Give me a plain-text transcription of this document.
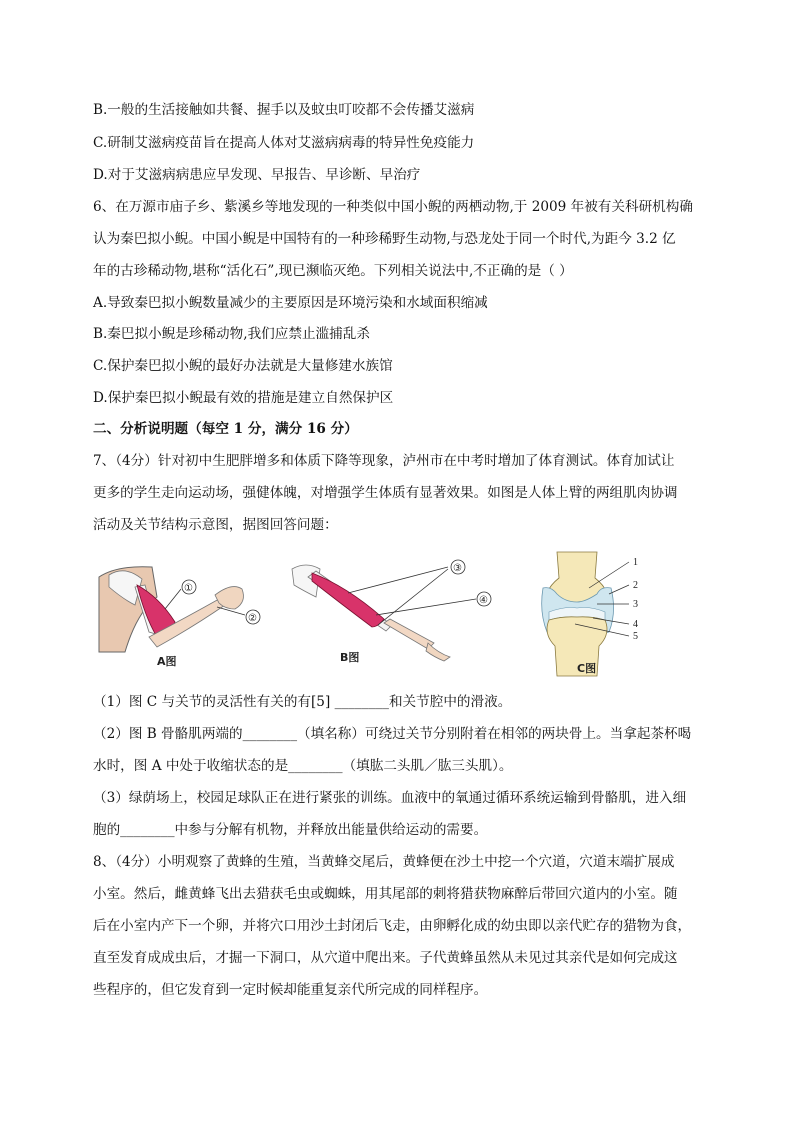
B.一般的生活接触如共餐、握手以及蚊虫叮咬都不会传播艾滋病
C.研制艾滋病疫苗旨在提高人体对艾滋病病毒的特异性免疫能力
D.对于艾滋病病患应早发现、早报告、早诊断、早治疗
6、在万源市庙子乡、紫溪乡等地发现的一种类似中国小鲵的两栖动物,于 2009 年被有关科研机构确
认为秦巴拟小鲵。中国小鲵是中国特有的一种珍稀野生动物,与恐龙处于同一个时代,为距今 3.2 亿
年的古珍稀动物,堪称“活化石”,现已濒临灭绝。下列相关说法中,不正确的是（ ）
A.导致秦巴拟小鲵数量减少的主要原因是环境污染和水域面积缩减
B.秦巴拟小鲵是珍稀动物,我们应禁止滥捕乱杀
C.保护秦巴拟小鲵的最好办法就是大量修建水族馆
D.保护秦巴拟小鲵最有效的措施是建立自然保护区
二、分析说明题（每空 1 分，满分 16 分）
7、（4分）针对初中生肥胖增多和体质下降等现象，泸州市在中考时增加了体育测试。体育加试让
更多的学生走向运动场，强健体魄，对增强学生体质有显著效果。如图是人体上臂的两组肌肉协调
活动及关节结构示意图，据图回答问题：
①
②
A图
③
④
B图
1
2
3
4
5
C图
（1）图 C 与关节的灵活性有关的有[5] ________和关节腔中的滑液。
（2）图 B 骨骼肌两端的________（填名称）可绕过关节分别附着在相邻的两块骨上。当拿起茶杯喝
水时，图 A 中处于收缩状态的是________（填肱二头肌／肱三头肌）。
（3）绿荫场上，校园足球队正在进行紧张的训练。血液中的氧通过循环系统运输到骨骼肌，进入细
胞的________中参与分解有机物，并释放出能量供给运动的需要。
8、（4分）小明观察了黄蜂的生殖，当黄蜂交尾后，黄蜂便在沙土中挖一个穴道，穴道末端扩展成
小室。然后，雌黄蜂飞出去猎获毛虫或蜘蛛，用其尾部的刺将猎获物麻醉后带回穴道内的小室。随
后在小室内产下一个卵，并将穴口用沙土封闭后飞走，由卵孵化成的幼虫即以亲代贮存的猎物为食，
直至发育成成虫后，才掘一下洞口，从穴道中爬出来。子代黄蜂虽然从未见过其亲代是如何完成这
些程序的，但它发育到一定时候却能重复亲代所完成的同样程序。
